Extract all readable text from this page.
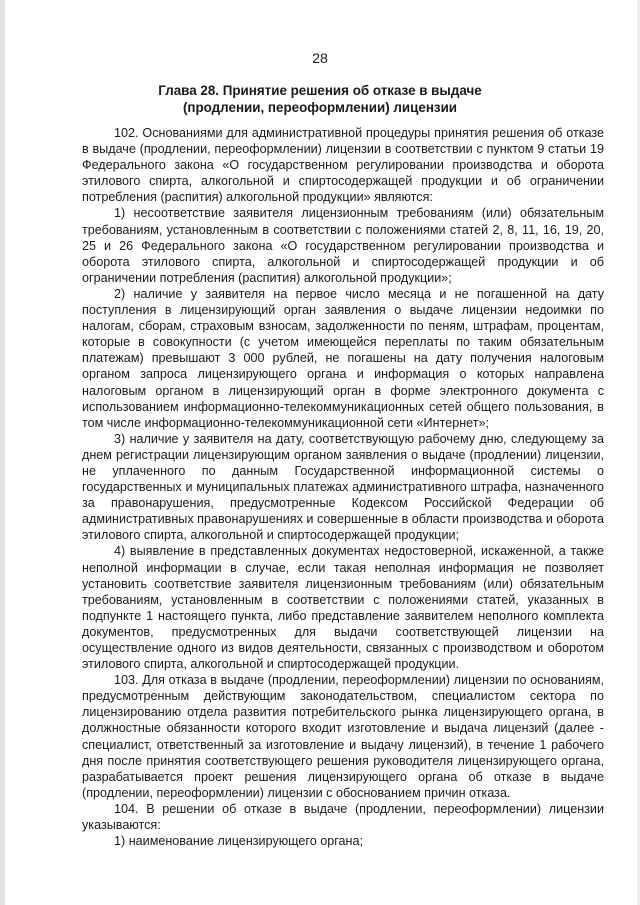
28
Глава 28. Принятие решения об отказе в выдаче
(продлении, переоформлении) лицензии

102. Основаниями для административной процедуры принятия решения об отказе в выдаче (продлении, переоформлении) лицензии в соответствии с пунктом 9 статьи 19 Федерального закона «О государственном регулировании производства и оборота этилового спирта, алкогольной и спиртосодержащей продукции и об ограничении потребления (распития) алкогольной продукции» являются:

1) несоответствие заявителя лицензионным требованиям (или) обязательным требованиям, установленным в соответствии с положениями статей 2, 8, 11, 16, 19, 20, 25 и 26 Федерального закона «О государственном регулировании производства и оборота этилового спирта, алкогольной и спиртосодержащей продукции и об ограничении потребления (распития) алкогольной продукции»;

2) наличие у заявителя на первое число месяца и не погашенной на дату поступления в лицензирующий орган заявления о выдаче лицензии недоимки по налогам, сборам, страховым взносам, задолженности по пеням, штрафам, процентам, которые в совокупности (с учетом имеющейся переплаты по таким обязательным платежам) превышают 3 000 рублей, не погашены на дату получения налоговым органом запроса лицензирующего органа и информация о которых направлена налоговым органом в лицензирующий орган в форме электронного документа с использованием информационно-телекоммуникационных сетей общего пользования, в том числе информационно-телекоммуникационной сети «Интернет»;

3) наличие у заявителя на дату, соответствующую рабочему дню, следующему за днем регистрации лицензирующим органом заявления о выдаче (продлении) лицензии, не уплаченного по данным Государственной информационной системы о государственных и муниципальных платежах административного штрафа, назначенного за правонарушения, предусмотренные Кодексом Российской Федерации об административных правонарушениях и совершенные в области производства и оборота этилового спирта, алкогольной и спиртосодержащей продукции;

4) выявление в представленных документах недостоверной, искаженной, а также неполной информации в случае, если такая неполная информация не позволяет установить соответствие заявителя лицензионным требованиям (или) обязательным требованиям, установленным в соответствии с положениями статей, указанных в подпункте 1 настоящего пункта, либо представление заявителем неполного комплекта документов, предусмотренных для выдачи соответствующей лицензии на осуществление одного из видов деятельности, связанных с производством и оборотом этилового спирта, алкогольной и спиртосодержащей продукции.

103. Для отказа в выдаче (продлении, переоформлении) лицензии по основаниям, предусмотренным действующим законодательством, специалистом сектора по лицензированию отдела развития потребительского рынка лицензирующего органа, в должностные обязанности которого входит изготовление и выдача лицензий (далее - специалист, ответственный за изготовление и выдачу лицензий), в течение 1 рабочего дня после принятия соответствующего решения руководителя лицензирующего органа, разрабатывается проект решения лицензирующего органа об отказе в выдаче (продлении, переоформлении) лицензии с обоснованием причин отказа.

104. В решении об отказе в выдаче (продлении, переоформлении) лицензии указываются:

1) наименование лицензирующего органа;
